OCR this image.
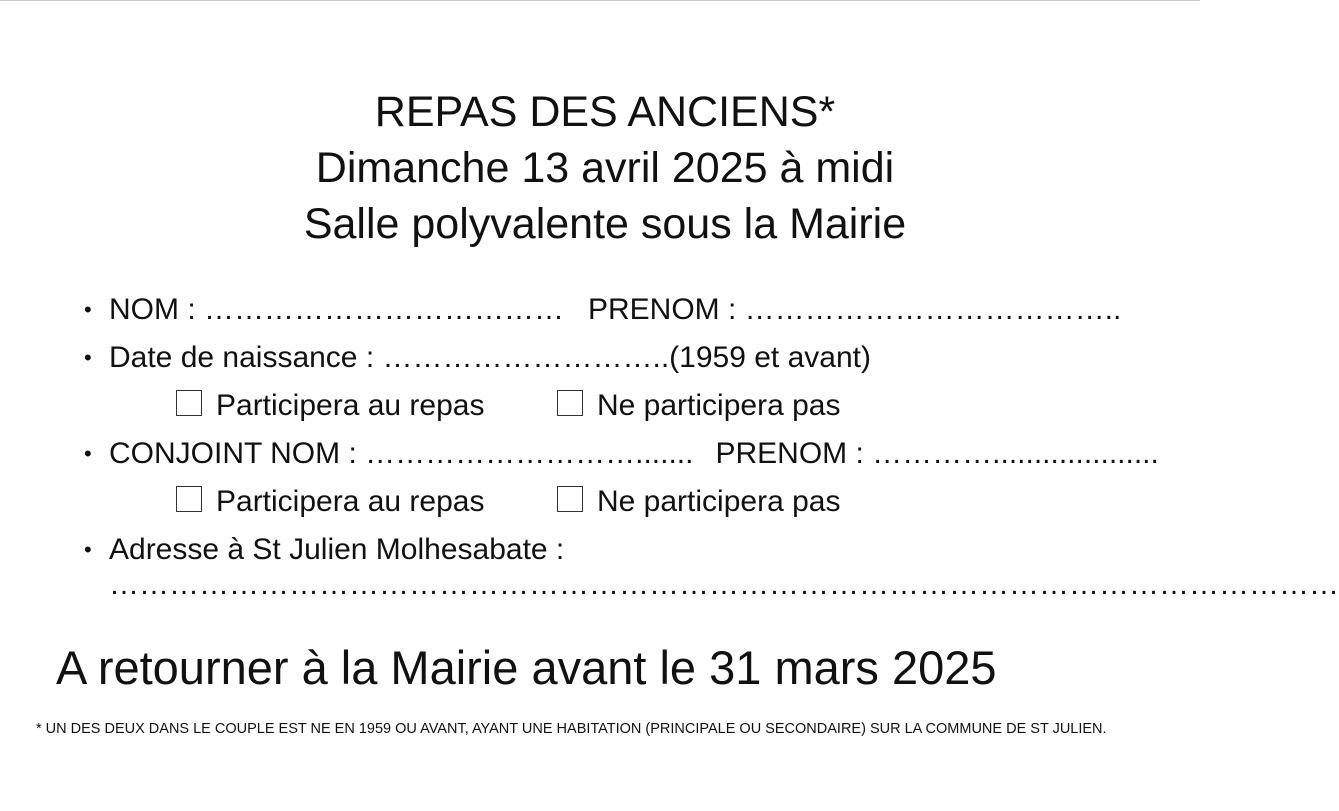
REPAS DES ANCIENS*
Dimanche 13 avril 2025 à midi
Salle polyvalente sous la Mairie
• NOM : ……………………………… PRENOM : ………………………………..
• Date de naissance : ………………………..(1959 et avant)
Participera au repas	Ne participera pas
• CONJOINT NOM : ………………………....... PRENOM : …………....................
Participera au repas	Ne participera pas
• Adresse à St Julien Molhesabate :
……………………………………………………………………………………………………………
A retourner à la Mairie avant le 31 mars 2025
* UN DES DEUX DANS LE COUPLE EST NE EN 1959 OU AVANT, AYANT UNE HABITATION (PRINCIPALE OU SECONDAIRE) SUR LA COMMUNE DE ST JULIEN.
